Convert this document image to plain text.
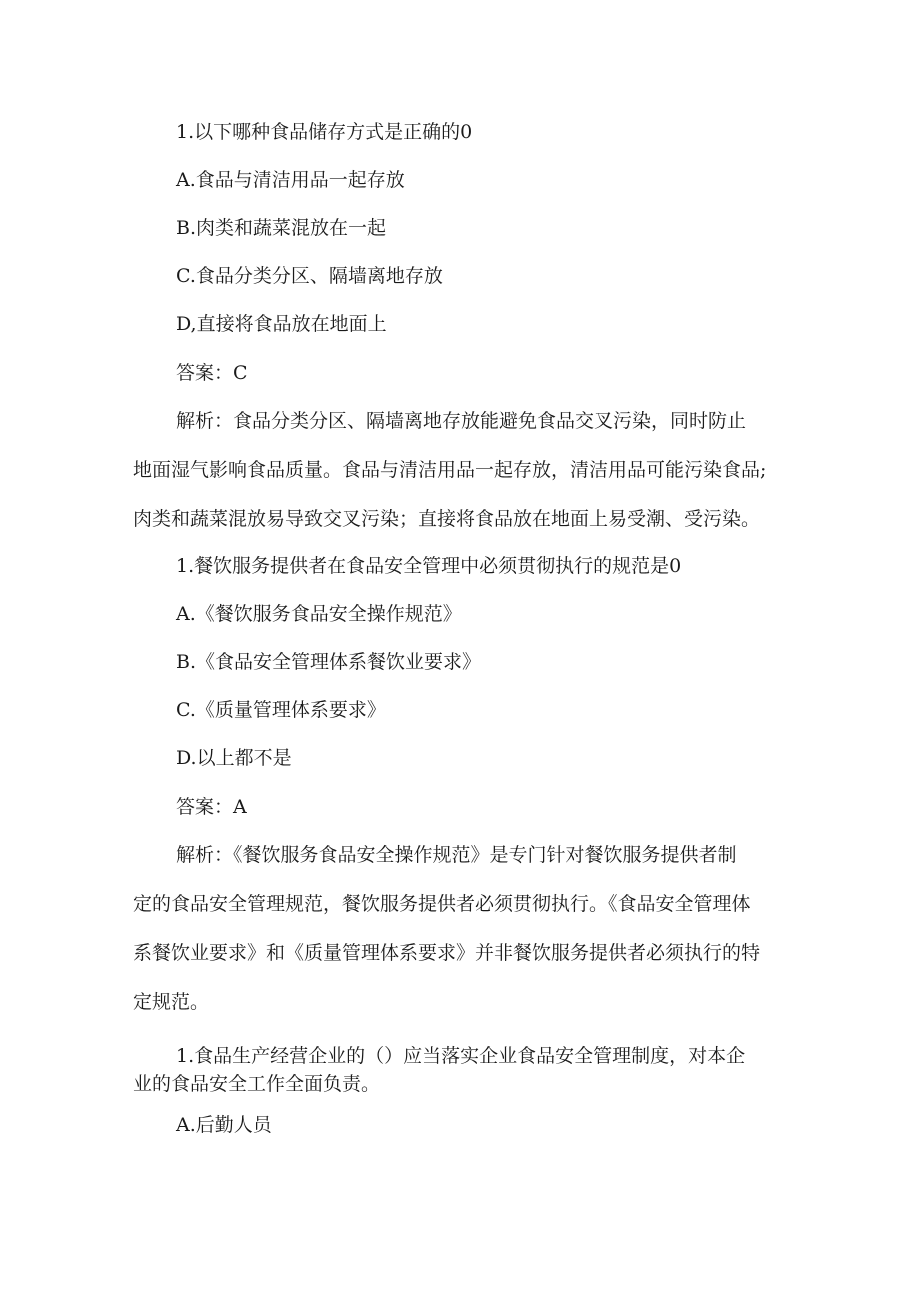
1.以下哪种食品储存方式是正确的0
A.食品与清洁用品一起存放
B.肉类和蔬菜混放在一起
C.食品分类分区、隔墙离地存放
D,直接将食品放在地面上
答案：C
解析：食品分类分区、隔墙离地存放能避免食品交叉污染，同时防止
地面湿气影响食品质量。食品与清洁用品一起存放，清洁用品可能污染食品;
肉类和蔬菜混放易导致交叉污染；直接将食品放在地面上易受潮、受污染。
1.餐饮服务提供者在食品安全管理中必须贯彻执行的规范是0
A.《餐饮服务食品安全操作规范》
B.《食品安全管理体系餐饮业要求》
C.《质量管理体系要求》
D.以上都不是
答案：A
解析：《餐饮服务食品安全操作规范》是专门针对餐饮服务提供者制
定的食品安全管理规范，餐饮服务提供者必须贯彻执行。《食品安全管理体
系餐饮业要求》和《质量管理体系要求》并非餐饮服务提供者必须执行的特
定规范。
1.食品生产经营企业的（）应当落实企业食品安全管理制度，对本企
业的食品安全工作全面负责。
A.后勤人员
